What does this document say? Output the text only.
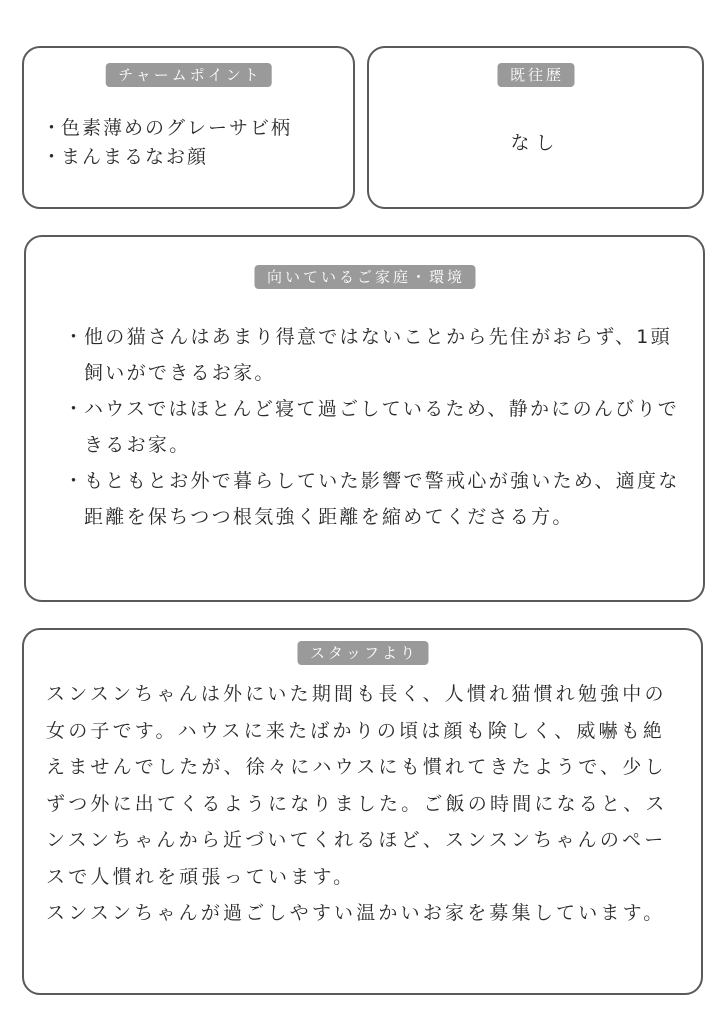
チャームポイント
・ 色素薄めのグレーサビ柄
・ まんまるなお顔
既往歴
なし
向いているご家庭・環境
・他の猫さんはあまり得意ではないことから先住がおらず、1頭飼いができるお家。
・ハウスではほとんど寝て過ごしているため、静かにのんびりできるお家。
・もともとお外で暮らしていた影響で警戒心が強いため、適度な距離を保ちつつ根気強く距離を縮めてくださる方。
スタッフより

スンスンちゃんは外にいた期間も長く、人慣れ猫慣れ勉強中の女の子です。ハウスに来たばかりの頃は顔も険しく、威嚇も絶えませんでしたが、徐々にハウスにも慣れてきたようで、少しずつ外に出てくるようになりました。ご飯の時間になると、スンスンちゃんから近づいてくれるほど、スンスンちゃんのペースで人慣れを頑張っています。

スンスンちゃんが過ごしやすい温かいお家を募集しています。
